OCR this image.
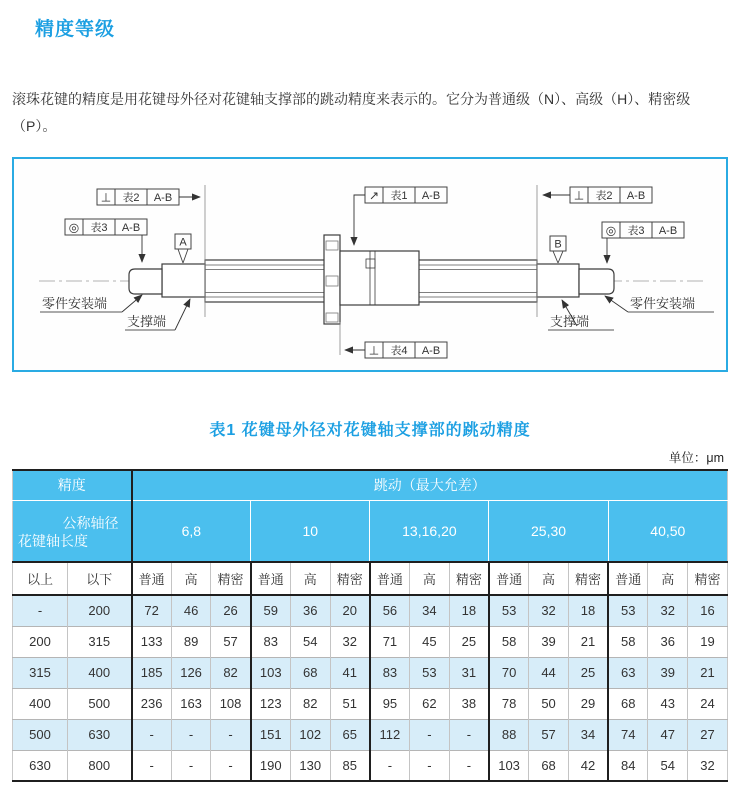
精度等级

滚珠花键的精度是用花键母外径对花键轴支撑部的跳动精度来表示的。它分为普通级（N）、高级（H）、精密级（P）。

⊥ 表2 A-B
◎ 表3 A-B
↗ 表1 A-B	⊥ 表2 A-B
◎ 表3 A-B
⊥ 表4 A-B
A	B
零件安装端
支撑端
零件安装端
支撑端
表1 花键母外径对花键轴支撑部的跳动精度
单位：μm
精度		跳动（最大允差）														

公称轴径
花键轴长度		6,8			10			13,16,20			25,30			40,50		
以上	以下	普通	高	精密	普通	高	精密	普通	高	精密	普通	高	精密	普通	高	精密
-	200	72	46	26	59	36	20	56	34	18	53	32	18	53	32	16
200	315	133	89	57	83	54	32	71	45	25	58	39	21	58	36	19
315	400	185	126	82	103	68	41	83	53	31	70	44	25	63	39	21
400	500	236	163	108	123	82	51	95	62	38	78	50	29	68	43	24
500	630	-	-	-	151	102	65	112	-	-	88	57	34	74	47	27
630	800	-	-	-	190	130	85	-	-	-	103	68	42	84	54	32
